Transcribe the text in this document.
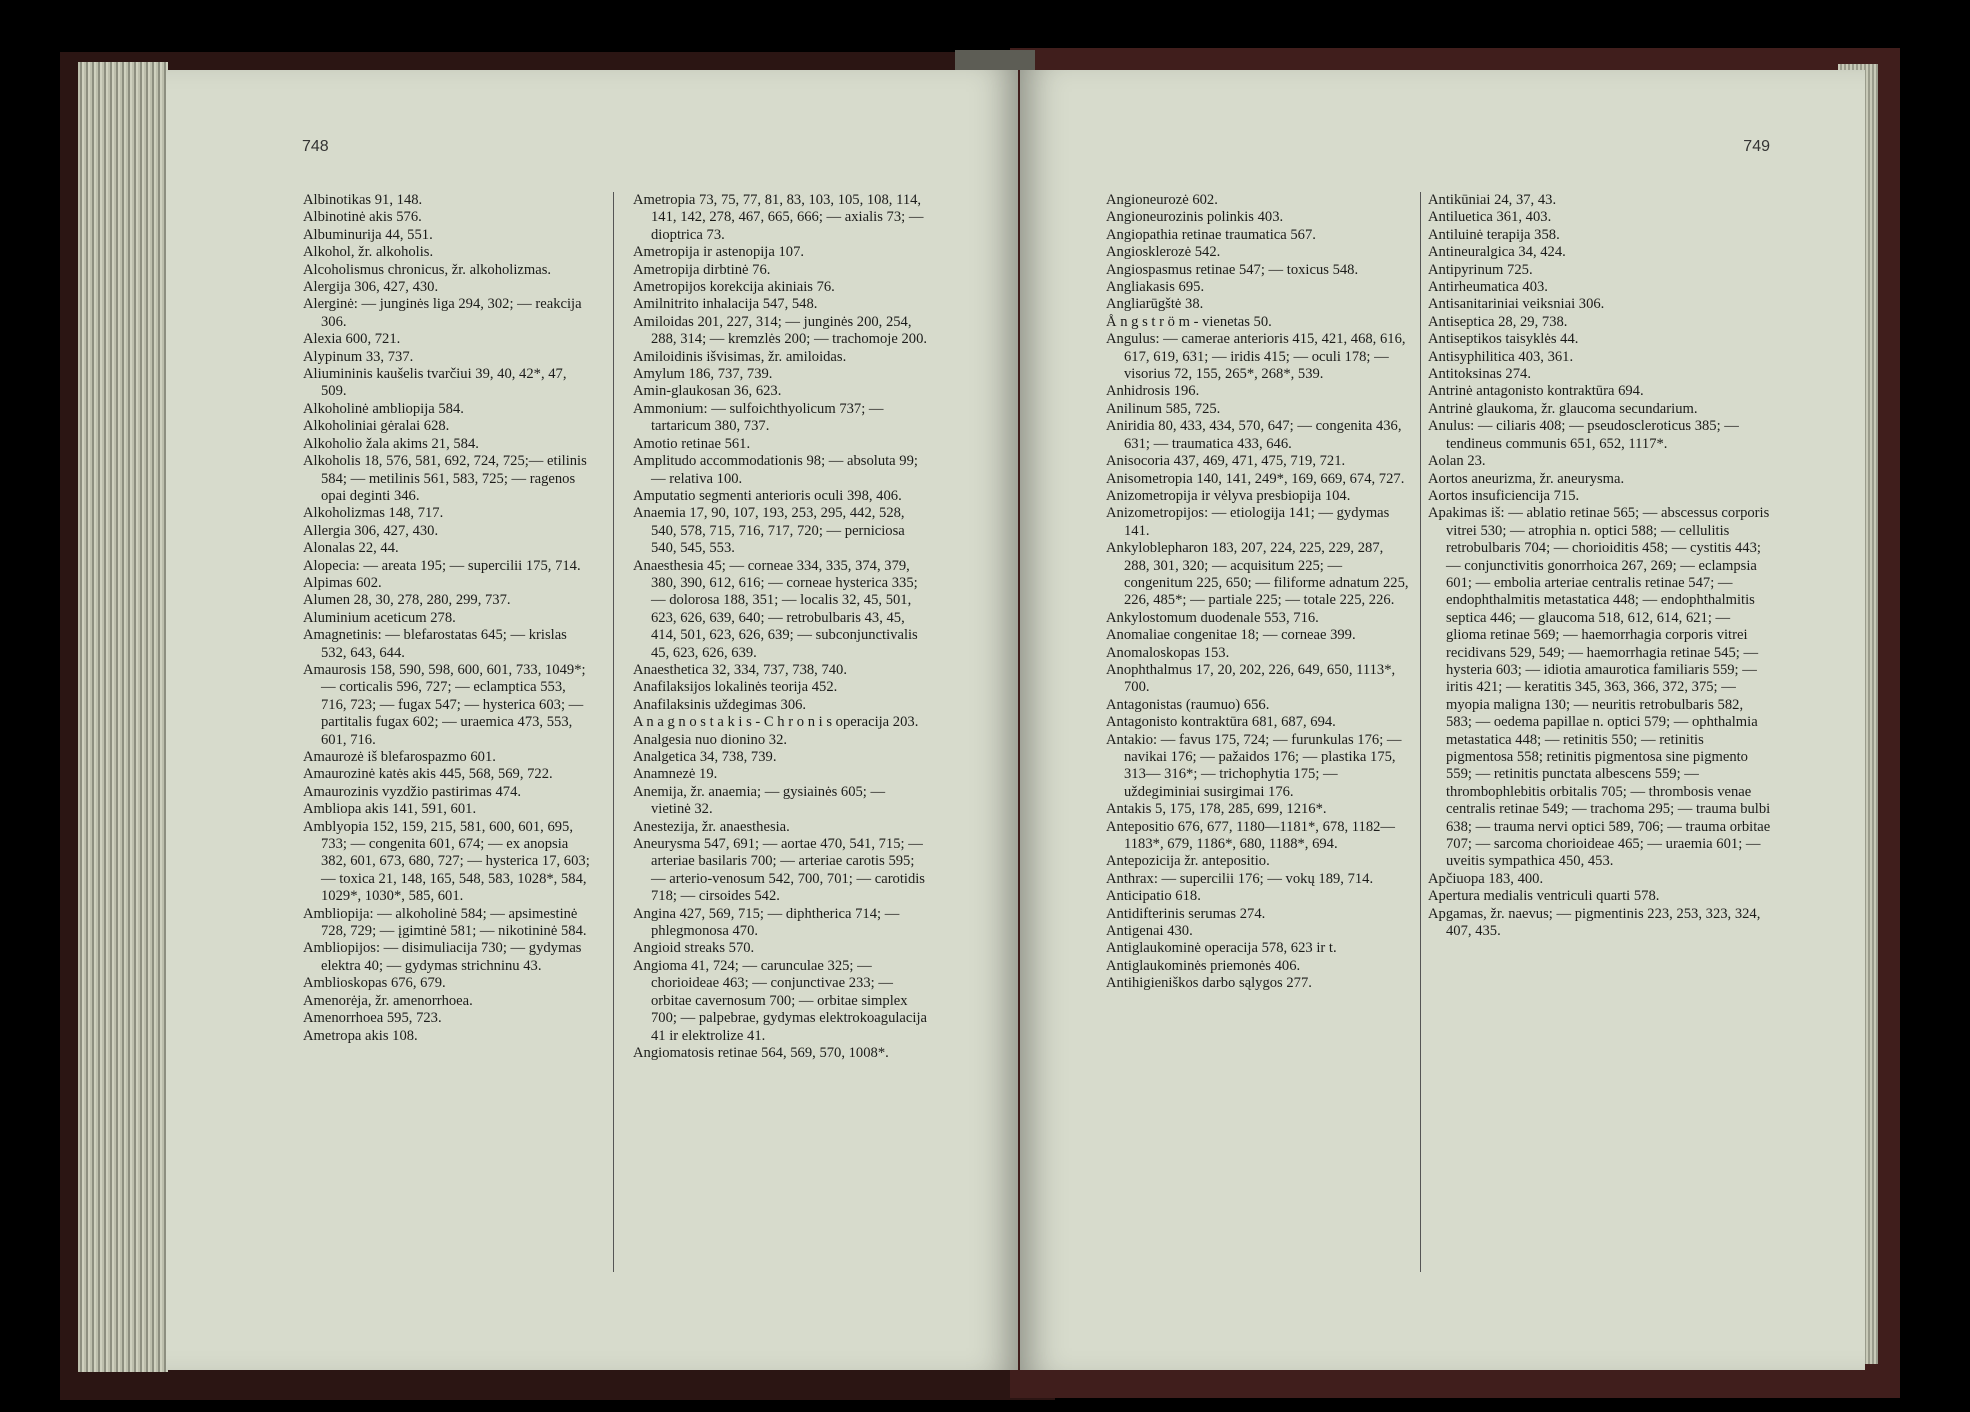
748

Albinotikas 91, 148.

Albinotinė akis 576.

Albuminurija 44, 551.

Alkohol, žr. alkoholis.

Alcoholismus chronicus, žr. alkoholizmas.

Alergija 306, 427, 430.

Alerginė: — junginės liga 294, 302; — reakcija 306.

Alexia 600, 721.

Alypinum 33, 737.

Aliumininis kaušelis tvarčiui 39, 40, 42*, 47, 509.

Alkoholinė ambliopija 584.

Alkoholiniai gėralai 628.

Alkoholio žala akims 21, 584.

Alkoholis 18, 576, 581, 692, 724, 725;— etilinis 584; — metilinis 561, 583, 725; — ragenos opai deginti 346.

Alkoholizmas 148, 717.

Allergia 306, 427, 430.

Alonalas 22, 44.

Alopecia: — areata 195; — supercilii 175, 714.

Alpimas 602.

Alumen 28, 30, 278, 280, 299, 737.

Aluminium aceticum 278.

Amagnetinis: — blefarostatas 645; — krislas 532, 643, 644.

Amaurosis 158, 590, 598, 600, 601, 733, 1049*; — corticalis 596, 727; — eclamptica 553, 716, 723; — fugax 547; — hysterica 603; — partitalis fugax 602; — uraemica 473, 553, 601, 716.

Amaurozė iš blefarospazmo 601.

Amaurozinė katės akis 445, 568, 569, 722.

Amaurozinis vyzdžio pastirimas 474.

Ambliopa akis 141, 591, 601.

Amblyopia 152, 159, 215, 581, 600, 601, 695, 733; — congenita 601, 674; — ex anopsia 382, 601, 673, 680, 727; — hysterica 17, 603; — toxica 21, 148, 165, 548, 583, 1028*, 584, 1029*, 1030*, 585, 601.

Ambliopija: — alkoholinė 584; — apsimestinė 728, 729; — įgimtinė 581; — nikotininė 584.

Ambliopijos: — disimuliacija 730; — gydymas elektra 40; — gydymas strichninu 43.

Amblioskopas 676, 679.

Amenorėja, žr. amenorrhoea.

Amenorrhoea 595, 723.

Ametropa akis 108.

Ametropia 73, 75, 77, 81, 83, 103, 105, 108, 114, 141, 142, 278, 467, 665, 666; — axialis 73; — dioptrica 73.

Ametropija ir astenopija 107.

Ametropija dirbtinė 76.

Ametropijos korekcija akiniais 76.

Amilnitrito inhalacija 547, 548.

Amiloidas 201, 227, 314; — junginės 200, 254, 288, 314; — kremzlės 200; — trachomoje 200.

Amiloidinis išvisimas, žr. amiloidas.

Amylum 186, 737, 739.

Amin-glaukosan 36, 623.

Ammonium: — sulfoichthyolicum 737; — tartaricum 380, 737.

Amotio retinae 561.

Amplitudo accommodationis 98; — absoluta 99; — relativa 100.

Amputatio segmenti anterioris oculi 398, 406.

Anaemia 17, 90, 107, 193, 253, 295, 442, 528, 540, 578, 715, 716, 717, 720; — perniciosa 540, 545, 553.

Anaesthesia 45; — corneae 334, 335, 374, 379, 380, 390, 612, 616; — corneae hysterica 335; — dolorosa 188, 351; — localis 32, 45, 501, 623, 626, 639, 640; — retrobulbaris 43, 45, 414, 501, 623, 626, 639; — subconjunctivalis 45, 623, 626, 639.

Anaesthetica 32, 334, 737, 738, 740.

Anafilaksijos lokalinės teorija 452.

Anafilaksinis uždegimas 306.

A n a g n o s t a k i s - C h r o n i s operacija 203.

Analgesia nuo dionino 32.

Analgetica 34, 738, 739.

Anamnezė 19.

Anemija, žr. anaemia; — gysiainės 605; — vietinė 32.

Anestezija, žr. anaesthesia.

Aneurysma 547, 691; — aortae 470, 541, 715; — arteriae basilaris 700; — arteriae carotis 595; — arterio-venosum 542, 700, 701; — carotidis 718; — cirsoides 542.

Angina 427, 569, 715; — diphtherica 714; — phlegmonosa 470.

Angioid streaks 570.

Angioma 41, 724; — carunculae 325; — chorioideae 463; — conjunctivae 233; — orbitae cavernosum 700; — orbitae simplex 700; — palpebrae, gydymas elektrokoagulacija 41 ir elektrolize 41.

Angiomatosis retinae 564, 569, 570, 1008*.

749

Angioneurozė 602.

Angioneurozinis polinkis 403.

Angiopathia retinae traumatica 567.

Angiosklerozė 542.

Angiospasmus retinae 547; — toxicus 548.

Angliakasis 695.

Angliarūgštė 38.

Å n g s t r ö m - vienetas 50.

Angulus: — camerae anterioris 415, 421, 468, 616, 617, 619, 631; — iridis 415; — oculi 178; — visorius 72, 155, 265*, 268*, 539.

Anhidrosis 196.

Anilinum 585, 725.

Aniridia 80, 433, 434, 570, 647; — congenita 436, 631; — traumatica 433, 646.

Anisocoria 437, 469, 471, 475, 719, 721.

Anisometropia 140, 141, 249*, 169, 669, 674, 727.

Anizometropija ir vėlyva presbiopija 104.

Anizometropijos: — etiologija 141; — gydymas 141.

Ankyloblepharon 183, 207, 224, 225, 229, 287, 288, 301, 320; — acquisitum 225; — congenitum 225, 650; — filiforme adnatum 225, 226, 485*; — partiale 225; — totale 225, 226.

Ankylostomum duodenale 553, 716.

Anomaliae congenitae 18; — corneae 399.

Anomaloskopas 153.

Anophthalmus 17, 20, 202, 226, 649, 650, 1113*, 700.

Antagonistas (raumuo) 656.

Antagonisto kontraktūra 681, 687, 694.

Antakio: — favus 175, 724; — furunkulas 176; — navikai 176; — pažaidos 176; — plastika 175, 313— 316*; — trichophytia 175; — uždegiminiai susirgimai 176.

Antakis 5, 175, 178, 285, 699, 1216*.

Antepositio 676, 677, 1180—1181*, 678, 1182—1183*, 679, 1186*, 680, 1188*, 694.

Antepozicija žr. antepositio.

Anthrax: — supercilii 176; — vokų 189, 714.

Anticipatio 618.

Antidifterinis serumas 274.

Antigenai 430.

Antiglaukominė operacija 578, 623 ir t.

Antiglaukominės priemonės 406.

Antihigieniškos darbo sąlygos 277.

Antikūniai 24, 37, 43.

Antiluetica 361, 403.

Antiluinė terapija 358.

Antineuralgica 34, 424.

Antipyrinum 725.

Antirheumatica 403.

Antisanitariniai veiksniai 306.

Antiseptica 28, 29, 738.

Antiseptikos taisyklės 44.

Antisyphilitica 403, 361.

Antitoksinas 274.

Antrinė antagonisto kontraktūra 694.

Antrinė glaukoma, žr. glaucoma secundarium.

Anulus: — ciliaris 408; — pseudoscleroticus 385; — tendineus communis 651, 652, 1117*.

Aolan 23.

Aortos aneurizma, žr. aneurysma.

Aortos insuficiencija 715.

Apakimas iš: — ablatio retinae 565; — abscessus corporis vitrei 530; — atrophia n. optici 588; — cellulitis retrobulbaris 704; — chorioiditis 458; — cystitis 443; — conjunctivitis gonorrhoica 267, 269; — eclampsia 601; — embolia arteriae centralis retinae 547; — endophthalmitis metastatica 448; — endophthalmitis septica 446; — glaucoma 518, 612, 614, 621; — glioma retinae 569; — haemorrhagia corporis vitrei recidivans 529, 549; — haemorrhagia retinae 545; — hysteria 603; — idiotia amaurotica familiaris 559; — iritis 421; — keratitis 345, 363, 366, 372, 375; — myopia maligna 130; — neuritis retrobulbaris 582, 583; — oedema papillae n. optici 579; — ophthalmia metastatica 448; — retinitis 550; — retinitis pigmentosa 558; retinitis pigmentosa sine pigmento 559; — retinitis punctata albescens 559; — thrombophlebitis orbitalis 705; — thrombosis venae centralis retinae 549; — trachoma 295; — trauma bulbi 638; — trauma nervi optici 589, 706; — trauma orbitae 707; — sarcoma chorioideae 465; — uraemia 601; — uveitis sympathica 450, 453.

Apčiuopa 183, 400.

Apertura medialis ventriculi quarti 578.

Apgamas, žr. naevus; — pigmentinis 223, 253, 323, 324, 407, 435.
